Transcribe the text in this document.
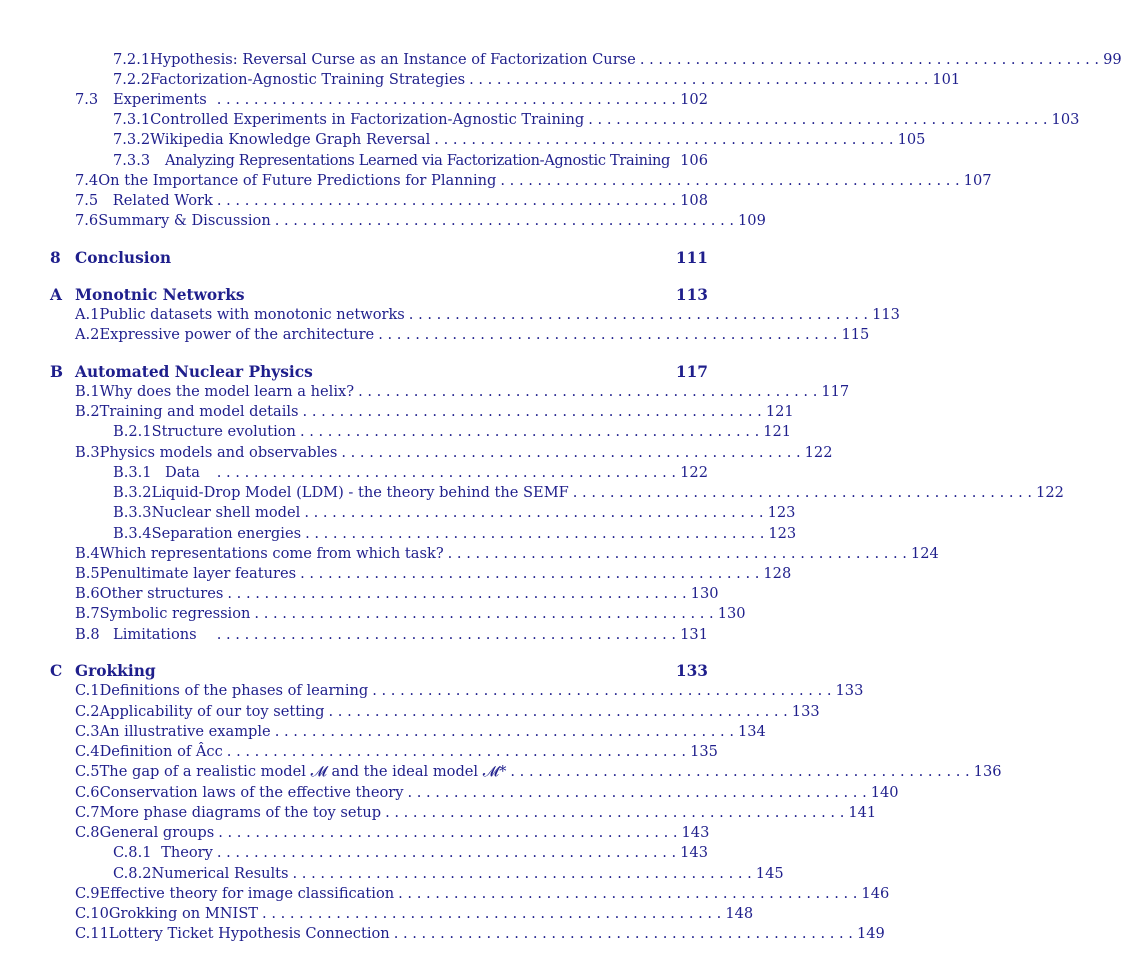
7.2.1 Hypothesis: Reversal Curse as an Instance of Factorization Curse . . . . . . . . . . . . . . . . . . . . . . . . . . . . . . . . . . . . . . . . . . . . . . . . . . 99
7.2.2 Factorization-Agnostic Training Strategies . . . . . . . . . . . . . . . . . . . . . . . . . . . . . . . . . . . . . . . . . . . . . . . . . . 101
7.3	Experiments . . . . . . . . . . . . . . . . . . . . . . . . . . . . . . . . . . . . . . . . . . . . . . . . . . 102
7.3.1 Controlled Experiments in Factorization-Agnostic Training . . . . . . . . . . . . . . . . . . . . . . . . . . . . . . . . . . . . . . . . . . . . . . . . . . 103
7.3.2 Wikipedia Knowledge Graph Reversal . . . . . . . . . . . . . . . . . . . . . . . . . . . . . . . . . . . . . . . . . . . . . . . . . . 105
7.3.3	Analyzing Representations Learned via Factorization-Agnostic Training 106
7.4 On the Importance of Future Predictions for Planning . . . . . . . . . . . . . . . . . . . . . . . . . . . . . . . . . . . . . . . . . . . . . . . . . . 107
7.5 Related Work . . . . . . . . . . . . . . . . . . . . . . . . . . . . . . . . . . . . . . . . . . . . . . . . . . 108
7.6 Summary & Discussion . . . . . . . . . . . . . . . . . . . . . . . . . . . . . . . . . . . . . . . . . . . . . . . . . . 109
8 Conclusion	111
A Monotnic Networks	113
A.1 Public datasets with monotonic networks . . . . . . . . . . . . . . . . . . . . . . . . . . . . . . . . . . . . . . . . . . . . . . . . . . 113
A.2 Expressive power of the architecture . . . . . . . . . . . . . . . . . . . . . . . . . . . . . . . . . . . . . . . . . . . . . . . . . . 115
B Automated Nuclear Physics	117
B.1 Why does the model learn a helix? . . . . . . . . . . . . . . . . . . . . . . . . . . . . . . . . . . . . . . . . . . . . . . . . . . 117
B.2 Training and model details . . . . . . . . . . . . . . . . . . . . . . . . . . . . . . . . . . . . . . . . . . . . . . . . . . 121
B.2.1 Structure evolution . . . . . . . . . . . . . . . . . . . . . . . . . . . . . . . . . . . . . . . . . . . . . . . . . . 121
B.3 Physics models and observables . . . . . . . . . . . . . . . . . . . . . . . . . . . . . . . . . . . . . . . . . . . . . . . . . . 122
B.3.1 Data	. . . . . . . . . . . . . . . . . . . . . . . . . . . . . . . . . . . . . . . . . . . . . . . . . . 122
B.3.2 Liquid-Drop Model (LDM) - the theory behind the SEMF . . . . . . . . . . . . . . . . . . . . . . . . . . . . . . . . . . . . . . . . . . . . . . . . . . 122
B.3.3 Nuclear shell model . . . . . . . . . . . . . . . . . . . . . . . . . . . . . . . . . . . . . . . . . . . . . . . . . . 123
B.3.4 Separation energies . . . . . . . . . . . . . . . . . . . . . . . . . . . . . . . . . . . . . . . . . . . . . . . . . . 123
B.4 Which representations come from which task? . . . . . . . . . . . . . . . . . . . . . . . . . . . . . . . . . . . . . . . . . . . . . . . . . . 124
B.5 Penultimate layer features . . . . . . . . . . . . . . . . . . . . . . . . . . . . . . . . . . . . . . . . . . . . . . . . . . 128
B.6 Other structures . . . . . . . . . . . . . . . . . . . . . . . . . . . . . . . . . . . . . . . . . . . . . . . . . . 130
B.7 Symbolic regression . . . . . . . . . . . . . . . . . . . . . . . . . . . . . . . . . . . . . . . . . . . . . . . . . . 130
B.8 Limitations	. . . . . . . . . . . . . . . . . . . . . . . . . . . . . . . . . . . . . . . . . . . . . . . . . . 131
C Grokking	133
C.1 Definitions of the phases of learning . . . . . . . . . . . . . . . . . . . . . . . . . . . . . . . . . . . . . . . . . . . . . . . . . . 133
C.2 Applicability of our toy setting . . . . . . . . . . . . . . . . . . . . . . . . . . . . . . . . . . . . . . . . . . . . . . . . . . 133
C.3 An illustrative example . . . . . . . . . . . . . . . . . . . . . . . . . . . . . . . . . . . . . . . . . . . . . . . . . . 134
C.4 Definition of Âcc . . . . . . . . . . . . . . . . . . . . . . . . . . . . . . . . . . . . . . . . . . . . . . . . . . 135
C.5 The gap of a realistic model 𝓜 and the ideal model 𝓜* . . . . . . . . . . . . . . . . . . . . . . . . . . . . . . . . . . . . . . . . . . . . . . . . . . 136
C.6 Conservation laws of the effective theory . . . . . . . . . . . . . . . . . . . . . . . . . . . . . . . . . . . . . . . . . . . . . . . . . . 140
C.7 More phase diagrams of the toy setup . . . . . . . . . . . . . . . . . . . . . . . . . . . . . . . . . . . . . . . . . . . . . . . . . . 141
C.8 General groups . . . . . . . . . . . . . . . . . . . . . . . . . . . . . . . . . . . . . . . . . . . . . . . . . . 143
C.8.1 Theory . . . . . . . . . . . . . . . . . . . . . . . . . . . . . . . . . . . . . . . . . . . . . . . . . . 143
C.8.2 Numerical Results . . . . . . . . . . . . . . . . . . . . . . . . . . . . . . . . . . . . . . . . . . . . . . . . . . 145
C.9 Effective theory for image classification . . . . . . . . . . . . . . . . . . . . . . . . . . . . . . . . . . . . . . . . . . . . . . . . . . 146
C.10 Grokking on MNIST . . . . . . . . . . . . . . . . . . . . . . . . . . . . . . . . . . . . . . . . . . . . . . . . . . 148
C.11 Lottery Ticket Hypothesis Connection . . . . . . . . . . . . . . . . . . . . . . . . . . . . . . . . . . . . . . . . . . . . . . . . . . 149
